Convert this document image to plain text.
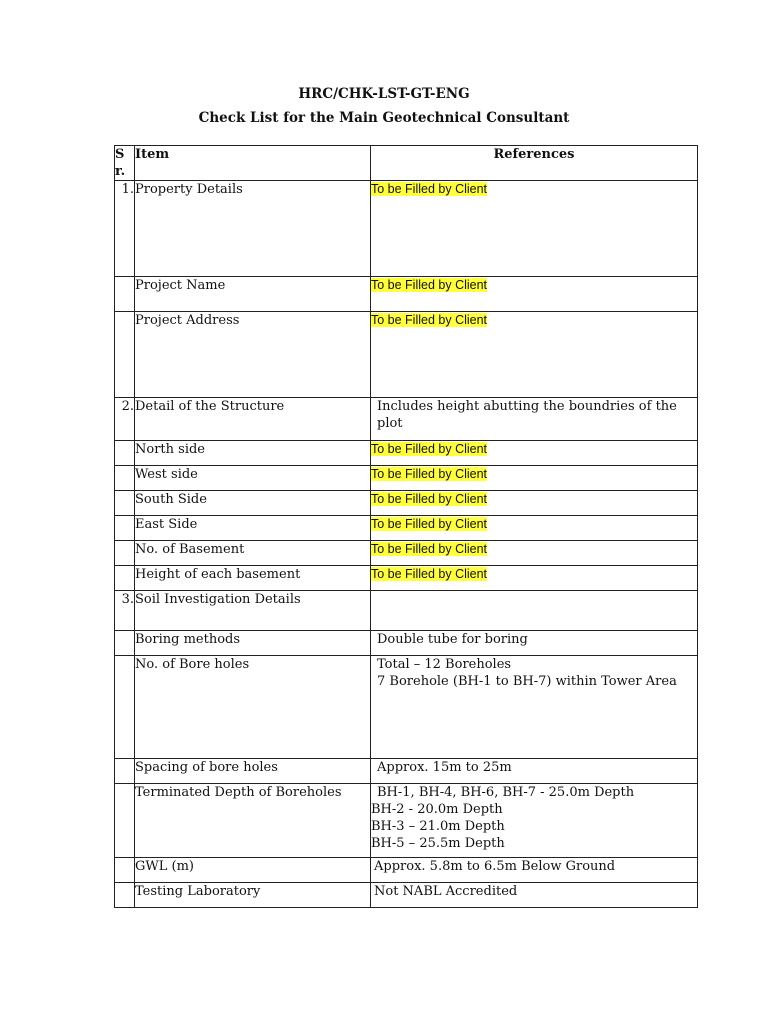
HRC/CHK-LST-GT-ENG
Check List for the Main Geotechnical Consultant
Sr.	Item	References
1.	Property Details	To be Filled by Client
	Project Name	To be Filled by Client
	Project Address	To be Filled by Client
2.	Detail of the Structure	Includes height abutting the boundries of the plot
	North side	To be Filled by Client
	West side	To be Filled by Client
	South Side	To be Filled by Client
	East Side	To be Filled by Client
	No. of Basement	To be Filled by Client
	Height of each basement	To be Filled by Client
3.	Soil Investigation Details	
	Boring methods	Double tube for boring
	No. of Bore holes	Total – 12 Boreholes
7 Borehole (BH-1 to BH-7) within Tower Area

	Spacing of bore holes	Approx. 15m to 25m
	Terminated Depth of Boreholes	BH-1, BH-4, BH-6, BH-7 - 25.0m Depth
BH-2 - 20.0m Depth
BH-3 – 21.0m Depth
BH-5 – 25.5m Depth

	GWL (m)	Approx. 5.8m to 6.5m Below Ground
	Testing Laboratory	Not NABL Accredited
